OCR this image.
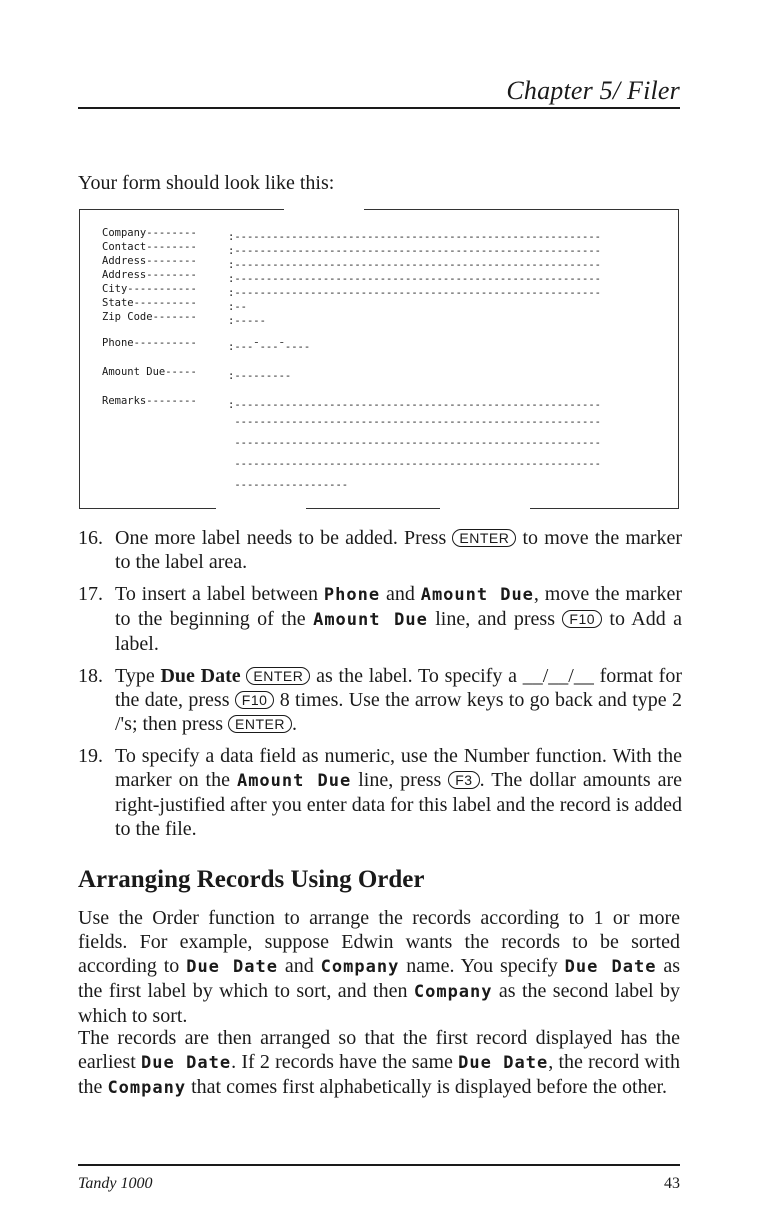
Chapter 5/ Filer
Your form should look like this:
Company--------	:----------------------------------------------------------
Contact--------	:----------------------------------------------------------
Address--------	:----------------------------------------------------------
Address--------	:----------------------------------------------------------
City-----------	:----------------------------------------------------------
State----------	:--
Zip Code-------	:-----
Phone----------	:---¯---¯----
Amount Due-----	:---------
Remarks--------	:----------------------------------------------------------
----------------------------------------------------------
----------------------------------------------------------
----------------------------------------------------------
------------------
16. One more label needs to be added. Press ENTER to move the marker to the label area.
17. To insert a label between Phone and Amount Due, move the marker to the beginning of the Amount Due line, and press F10 to Add a label.
18. Type Due Date ENTER as the label. To specify a __/__/__ format for the date, press F10 8 times. Use the arrow keys to go back and type 2 /'s; then press ENTER .
19. To specify a data field as numeric, use the Number function. With the marker on the Amount Due line, press F3 . The dollar amounts are right-justified after you enter data for this label and the record is added to the file.
Arranging Records Using Order
Use the Order function to arrange the records according to 1 or more fields. For example, suppose Edwin wants the records to be sorted according to Due Date and Company name. You specify Due Date as the first label by which to sort, and then Company as the second label by which to sort.
The records are then arranged so that the first record displayed has the earliest Due Date. If 2 records have the same Due Date, the record with the Company that comes first alphabetically is displayed before the other.
Tandy 1000	43
